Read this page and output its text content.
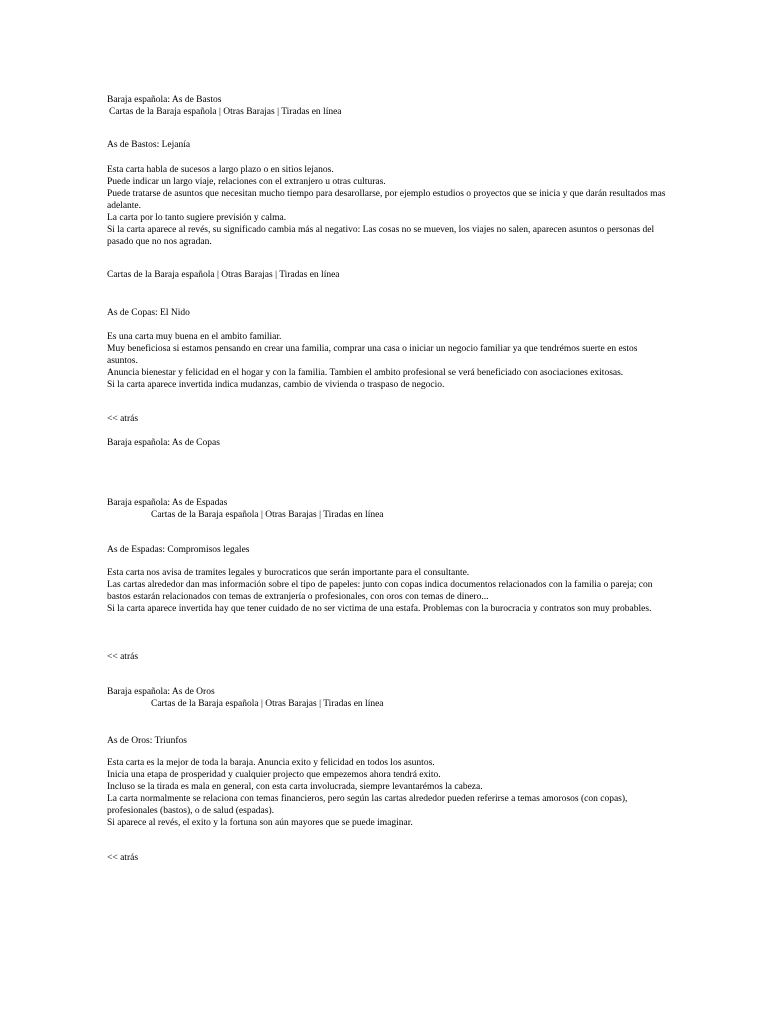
Baraja española: As de Bastos
Cartas de la Baraja española | Otras Barajas | Tiradas en línea
As de Bastos: Lejanía
Esta carta habla de sucesos a largo plazo o en sitios lejanos.
Puede indicar un largo viaje, relaciones con el extranjero u otras culturas.
Puede tratarse de asuntos que necesitan mucho tiempo para desarollarse, por ejemplo estudios o proyectos que se inicia y que darán resultados mas adelante.
La carta por lo tanto sugiere previsión y calma.
Si la carta aparece al revés, su significado cambia más al negativo: Las cosas no se mueven, los viajes no salen, aparecen asuntos o personas del pasado que no nos agradan.
Cartas de la Baraja española | Otras Barajas | Tiradas en línea
As de Copas: El Nido
Es una carta muy buena en el ambito familiar.
Muy beneficiosa si estamos pensando en crear una familia, comprar una casa o iniciar un negocio familiar ya que tendrémos suerte en estos asuntos.
Anuncia bienestar y felicidad en el hogar y con la familia. Tambien el ambito profesional se verá beneficiado con asociaciones exitosas.
Si la carta aparece invertida indica mudanzas, cambio de vivienda o traspaso de negocio.
<< atrás
Baraja española: As de Copas
Baraja española: As de Espadas
Cartas de la Baraja española | Otras Barajas | Tiradas en línea
As de Espadas: Compromisos legales
Esta carta nos avisa de tramites legales y burocraticos que serán importante para el consultante.
Las cartas alrededor dan mas información sobre el tipo de papeles: junto con copas indica documentos relacionados con la familia o pareja; con bastos estarán relacionados con temas de extranjería o profesionales, con oros con temas de dinero...
Si la carta aparece invertida hay que tener cuidado de no ser victima de una estafa. Problemas con la burocracia y contratos son muy probables.
<< atrás
Baraja española: As de Oros
Cartas de la Baraja española | Otras Barajas | Tiradas en línea
As de Oros: Triunfos
Esta carta es la mejor de toda la baraja. Anuncia exito y felicidad en todos los asuntos.
Inicia una etapa de prosperidad y cualquier projecto que empezemos ahora tendrá exito.
Incluso se la tirada es mala en general, con esta carta involucrada, siempre levantarémos la cabeza.
La carta normalmente se relaciona con temas financieros, pero según las cartas alrededor pueden referirse a temas amorosos (con copas), profesionales (bastos), o de salud (espadas).
Si aparece al revés, el exito y la fortuna son aún mayores que se puede imaginar.
<< atrás
